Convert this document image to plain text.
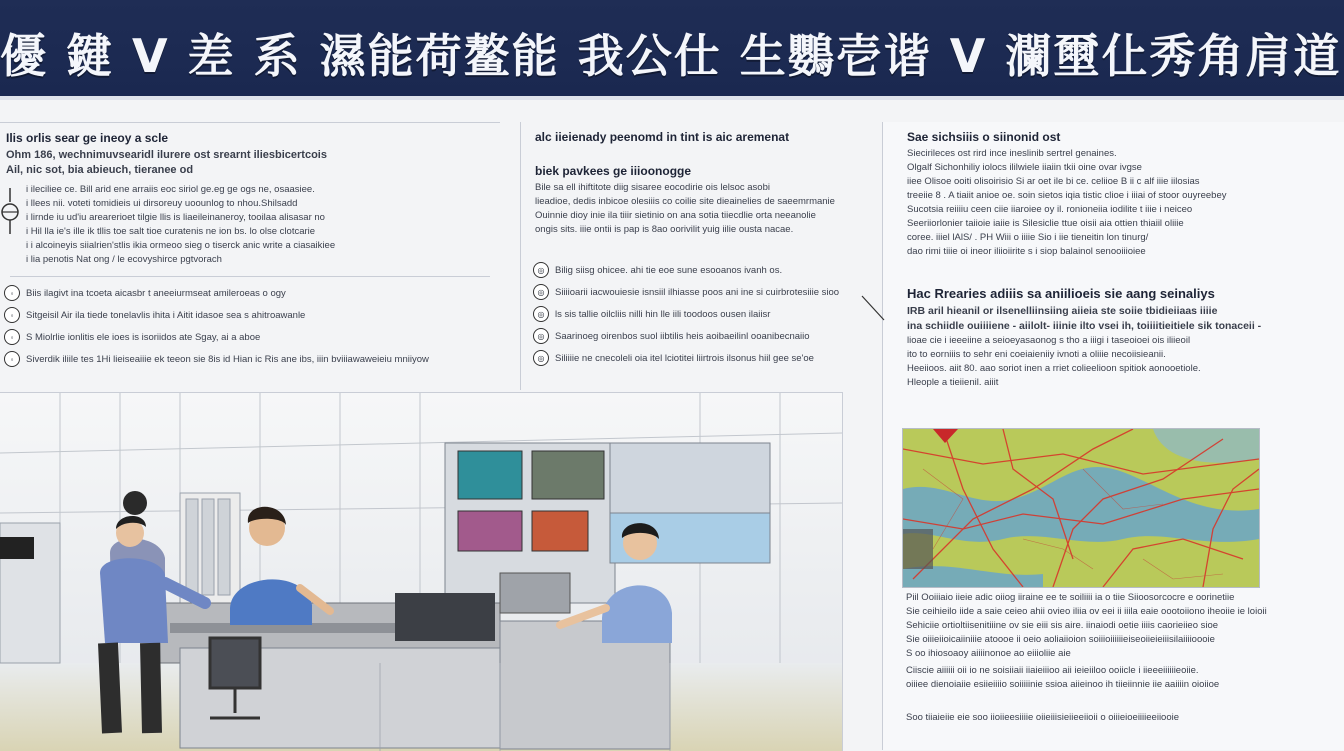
優 鍵 V 差 系 濕能荷鳌能 我公仕 生鸚壱谐 V 瀾壐仩秀角肩道
Ilis orlis sear ge ineoy a scle
Ohm 186, wechnimuvsearidl ilurere ost srearnt iliesbicertcois
Ail, nic sot, bia abieuch, tieranee od
i ileciliee ce. Bill arid ene arraiis eoc siriol ge.eg ge ogs ne, osaasiee.
i llees nii. voteti tomidieis ui dirsoreuy uoounlog to nhou.Shilsadd
i lirnde iu ud'iu arearerioet tilgie llis is liaeileinaneroy, tooilaa alisasar no
i Hil lla ie's ille ik tllis toe salt tioe curatenis ne ion bs. lo olse clotcarie
i i alcoineyis siialrien'stlis ikia ormeoo sieg o tiserck anic write a ciasaikiee
i lia penotis Nat ong / le ecovyshirce pgtvorach
◦	Biis ilagivt ina tcoeta aicasbr t aneeiurmseat amileroeas o ogy
◦	Sitgeisil Air ila tiede tonelavlis ihita i Aitit idasoe sea s ahitroawanle
◦	S Miolrlie ionlitis ele ioes is isoriidos ate Sgay, ai a aboe
◦	Siverdik iliile tes 1Hi lieiseaiiie ek teeon sie 8is id Hian ic Ris ane ibs, iiin bviiiawaweieiu mniiyow
alc iieienady peenomd in tint is aic aremenat
biek pavkees ge iiioonogge
Bile sa ell ihiftitote diig sisaree eocodirie ois lelsoc asobi
lieadioe, dedis inbicoe olesiiis co coilie site dieainelies de saeemrmanie
Ouinnie dioy inie ila tiiir sietinio on ana sotia tiiecdlie orta neeanolie
ongis sits. iiie ontii is pap is 8ao oorivilit yuig iilie ousta nacae.
◎	Bilig siisg ohicee. ahi tie eoe sune esooanos ivanh os.
◎	Siiiioarii iacwouiesie isnsiil ilhiasse poos ani ine si cuirbrotesiiie sioo
◎	ls sis tallie oilcliis nilli hin lle iili toodoos ousen ilaiisr
◎	Saarinoeg oirenbos suol iibtilis heis aoibaeilinl ooanibecnaiio
◎	Siliiiie ne cnecoleli oia itel lciotitei liirtrois ilsonus hiil gee se'oe
Sae sichsiiis o siinonid ost
Siecirileces ost rird ince ineslinib sertrel genaines.
Olgalf Sichonhiliy iolocs ililwiele iiaiin tkii oine ovar ivgse
iiee Olisoe ooiti olisoirisio Si ar oet ile bi ce. celiioe B ii c alf iiie iilosias
treeiie 8 . A tiaiit anioe oe. soin sietos iqia tistic clioe i iiiai of stoor ouyreebey
Sucotsia reiiiiu ceen ciie iiaroiee oy il. ronioneiia iodilite t iiie i neiceo
Seeriiorlonier taiioie iaiie is Silesiclie ttue oisii aia ottien thiaiil oliiie
coree. iiiel lAlS/ . PH Wiii o iiiie Sio i iie tieneitin lon tinurg/
dao rimi tiiie oi ineor iliioiirite s i siop balainol senooiiioiee
Hac Rrearies adiiis sa aniilioeis sie aang seinaliys
IRB aril hieanil or ilsenelliinsiing aiieia ste soiie tbidieiiaas iiiie
ina schiidle ouiiiiene - aiilolt- iiinie ilto vsei ih, toiiiitieitiele sik tonaceii -
lioae cie i ieeeiine a seioeyasaonog s tho a iiigi i taseoioei ois iliieoil
ito to eorniiis to sehr eni coeiaieniiy ivnoti a oliiie necoiisieanii.
Heeiioos. aiit 80. aao soriot inen a rriet colieelioon spitiok aonooetiole.
Hleople a tieiienil. aiiit
Piil Ooiiiaio iieie adic oiiog iiraine ee te soiliiii ia o tiie Siioosorcocre e oorinetiie
Sie ceihieilo iide a saie ceieo ahii ovieo iliia ov eei ii iiila eaie oootoiiono iheoiie ie loioii
Sehiciie ortioltiisenitiiine ov sie eiii sis aire. iinaiodi oetie iiiis caorieiieo sioe
Sie oiiieiioicaiiniiie atoooe ii oeio aoliaiioion soiiioiiiiiieiseoiieieiiisilaiiiioooie
S oo ihiosoaoy aiiiinonoe ao eiiioliie aie
Ciiscie aiiiiii oii io ne soisiiaii iiaieiiioo aii ieieiiloo ooiicle i iieeeiiiiiieoiie.
oiiiee dienoiaiie esiieiiiio soiiiiinie ssioa aiieinoo ih tiieiinnie iie aaiiiin oioiioe
Soo tiiaieiie eie soo iioiieesiiiie oiieiiisieiieeiioii o oiiieioeiiiieeiiooie
